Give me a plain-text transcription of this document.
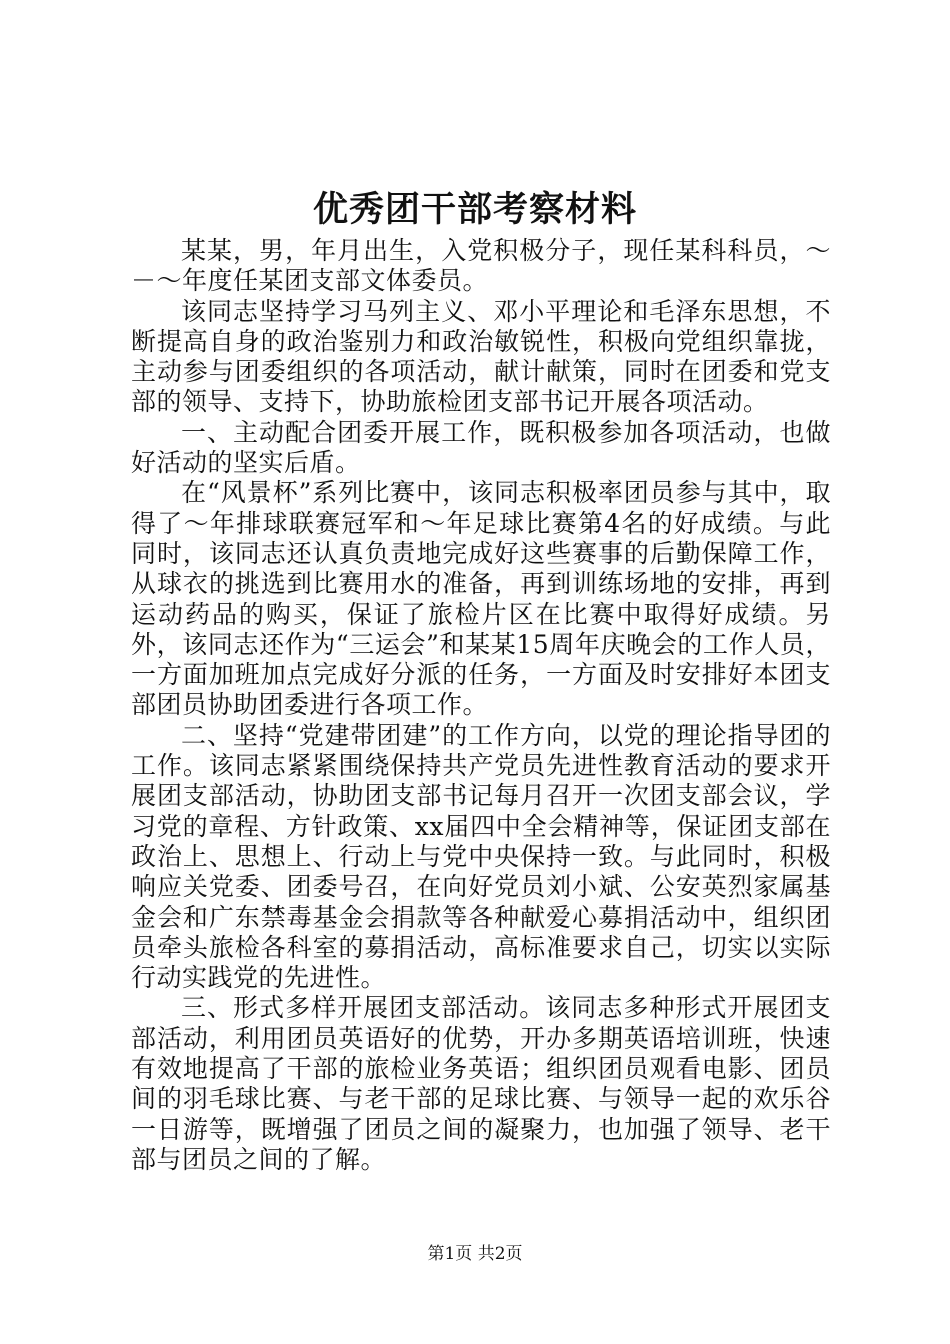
优秀团干部考察材料

某某，男，年月出生，入党积极分子，现任某科科员，～－～年度任某团支部文体委员。

该同志坚持学习马列主义、邓小平理论和毛泽东思想，不断提高自身的政治鉴别力和政治敏锐性，积极向党组织靠拢，主动参与团委组织的各项活动，献计献策，同时在团委和党支部的领导、支持下，协助旅检团支部书记开展各项活动。

一、主动配合团委开展工作，既积极参加各项活动，也做好活动的坚实后盾。

在“风景杯”系列比赛中，该同志积极率团员参与其中，取得了～年排球联赛冠军和～年足球比赛第4名的好成绩。与此同时，该同志还认真负责地完成好这些赛事的后勤保障工作，从球衣的挑选到比赛用水的准备，再到训练场地的安排，再到运动药品的购买，保证了旅检片区在比赛中取得好成绩。另外，该同志还作为“三运会”和某某15周年庆晚会的工作人员，一方面加班加点完成好分派的任务，一方面及时安排好本团支部团员协助团委进行各项工作。

二、坚持“党建带团建”的工作方向，以党的理论指导团的工作。该同志紧紧围绕保持共产党员先进性教育活动的要求开展团支部活动，协助团支部书记每月召开一次团支部会议，学习党的章程、方针政策、xx届四中全会精神等，保证团支部在政治上、思想上、行动上与党中央保持一致。与此同时，积极响应关党委、团委号召，在向好党员刘小斌、公安英烈家属基金会和广东禁毒基金会捐款等各种献爱心募捐活动中，组织团员牵头旅检各科室的募捐活动，高标准要求自己，切实以实际行动实践党的先进性。

三、形式多样开展团支部活动。该同志多种形式开展团支部活动，利用团员英语好的优势，开办多期英语培训班，快速有效地提高了干部的旅检业务英语；组织团员观看电影、团员间的羽毛球比赛、与老干部的足球比赛、与领导一起的欢乐谷一日游等，既增强了团员之间的凝聚力，也加强了领导、老干部与团员之间的了解。

第1页 共2页
